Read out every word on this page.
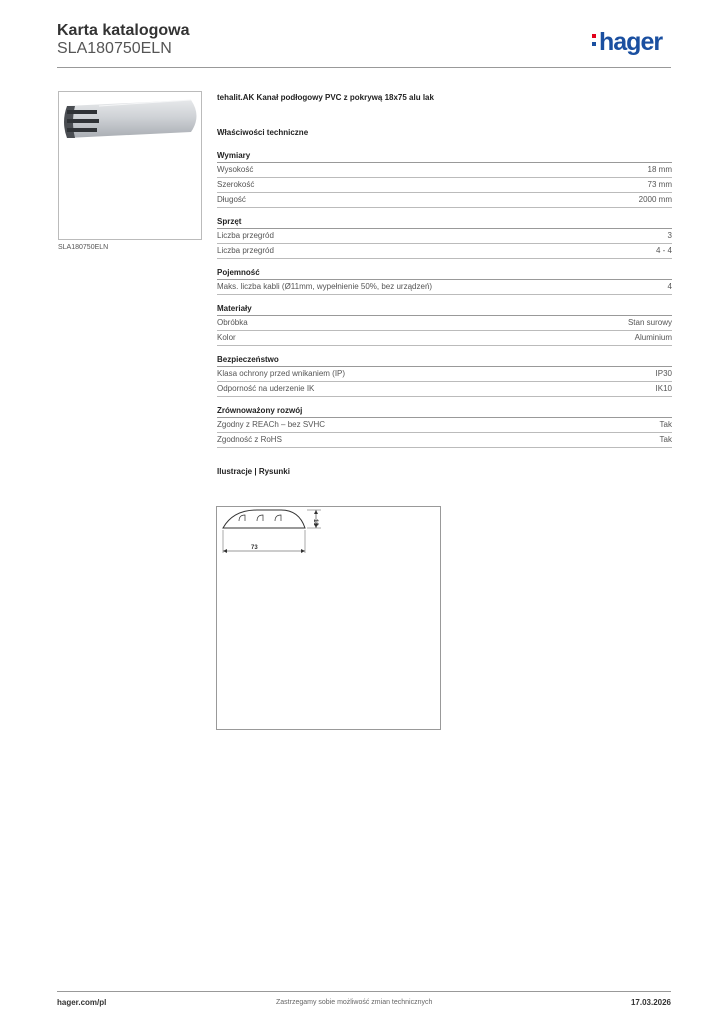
Karta katalogowa
SLA180750ELN	hager
SLA180750ELN
tehalit.AK Kanał podłogowy PVC z pokrywą 18x75 alu lak
Właściwości techniczne
Wymiary
Wysokość	18 mm
Szerokość	73 mm
Długość	2000 mm
Sprzęt
Liczba przegród	3
Liczba przegród	4 - 4
Pojemność
Maks. liczba kabli (Ø11mm, wypełnienie 50%, bez urządzeń)	4
Materiały
Obróbka	Stan surowy
Kolor	Aluminium
Bezpieczeństwo
Klasa ochrony przed wnikaniem (IP)	IP30
Odporność na uderzenie IK	IK10
Zrównoważony rozwój
Zgodny z REACh – bez SVHC	Tak
Zgodność z RoHS	Tak
Ilustracje | Rysunki
73
18
hager.com/pl	Zastrzegamy sobie możliwość zmian technicznych	17.03.2026
